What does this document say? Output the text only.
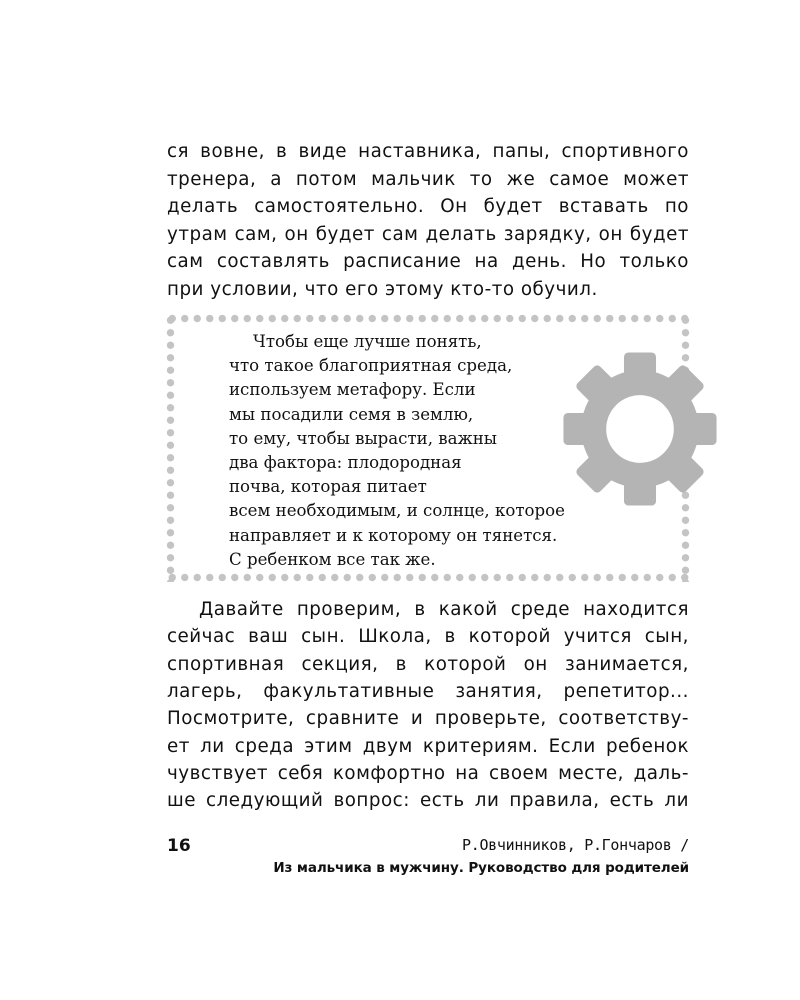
ся вовне, в виде наставника, папы, спортивного
тренера, а потом мальчик то же самое может
делать самостоятельно. Он будет вставать по
утрам сам, он будет сам делать зарядку, он будет
сам составлять расписание на день. Но только
при условии, что его этому кто-то обучил.
Чтобы еще лучше понять,
что такое благоприятная среда,
используем метафору. Если
мы посадили семя в землю,
то ему, чтобы вырасти, важны
два фактора: плодородная
почва, которая питает
всем необходимым, и солнце, которое
направляет и к которому он тянется.
С ребенком все так же.
Давайте проверим, в какой среде находится
сейчас ваш сын. Школа, в которой учится сын,
спортивная секция, в которой он занимается,
лагерь, факультативные занятия, репетитор...
Посмотрите, сравните и проверьте, соответству-
ет ли среда этим двум критериям. Если ребенок
чувствует себя комфортно на своем месте, даль-
ше следующий вопрос: есть ли правила, есть ли
16	Р.Овчинников, Р.Гончаров /
Из мальчика в мужчину. Руководство для родителей
